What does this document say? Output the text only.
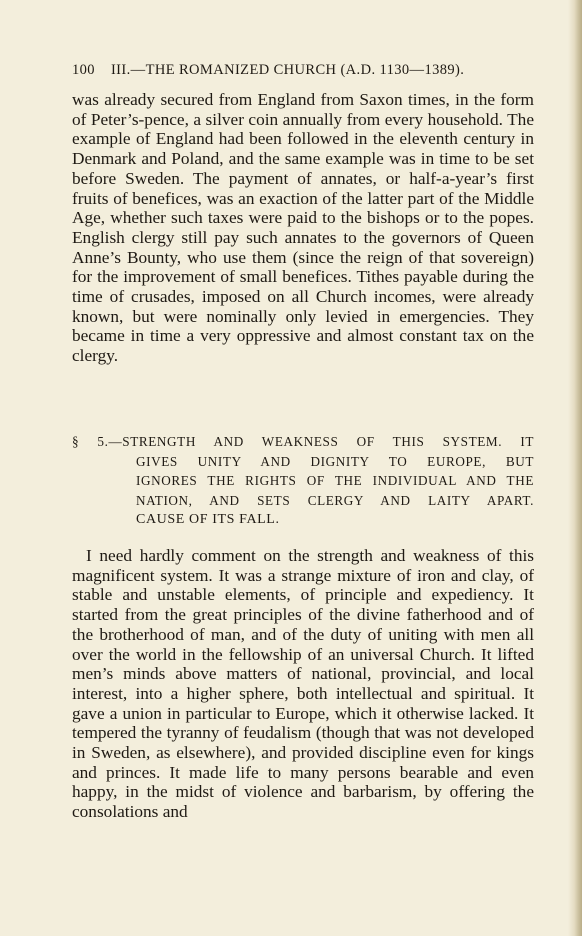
100 III.—THE ROMANIZED CHURCH (A.D. 1130—1389).
was already secured from England from Saxon times, in the form of Peter’s-pence, a silver coin annually from every household. The example of England had been followed in the eleventh century in Denmark and Poland, and the same example was in time to be set before Sweden. The payment of annates, or half-a-year’s first fruits of benefices, was an exaction of the latter part of the Middle Age, whether such taxes were paid to the bishops or to the popes. English clergy still pay such annates to the governors of Queen Anne’s Bounty, who use them (since the reign of that sovereign) for the improvement of small benefices. Tithes payable during the time of crusades, imposed on all Church incomes, were already known, but were nominally only levied in emergencies. They became in time a very oppressive and almost constant tax on the clergy.
§ 5.—STRENGTH AND WEAKNESS OF THIS SYSTEM. IT
GIVES UNITY AND DIGNITY TO EUROPE, BUT
IGNORES THE RIGHTS OF THE INDIVIDUAL AND THE
NATION, AND SETS CLERGY AND LAITY APART.
CAUSE OF ITS FALL.
I need hardly comment on the strength and weakness of this magnificent system. It was a strange mixture of iron and clay, of stable and unstable elements, of principle and expediency. It started from the great principles of the divine fatherhood and of the brotherhood of man, and of the duty of uniting with men all over the world in the fellowship of an universal Church. It lifted men’s minds above matters of national, provincial, and local interest, into a higher sphere, both intellectual and spiritual. It gave a union in particular to Europe, which it otherwise lacked. It tempered the tyranny of feudalism (though that was not developed in Sweden, as elsewhere), and provided discipline even for kings and princes. It made life to many persons bearable and even happy, in the midst of violence and barbarism, by offering the consolations and
